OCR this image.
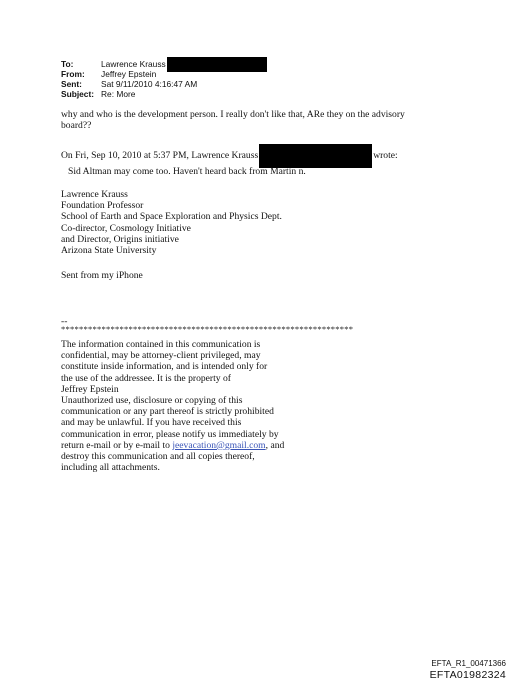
To:	Lawrence Krauss
From:	Jeffrey Epstein
Sent:	Sat 9/11/2010 4:16:47 AM
Subject: Re: More
why and who is the development person. I really don't like that, ARe they on the advisory
board??
On Fri, Sep 10, 2010 at 5:37 PM, Lawrence Krauss	wrote:
Sid Altman may come too. Haven't heard back from Martin n.
Lawrence Krauss
Foundation Professor
School of Earth and Space Exploration and Physics Dept.
Co-director, Cosmology Initiative
and Director, Origins initiative
Arizona State University
Sent from my iPhone
--
*****************************************************************
The information contained in this communication is
confidential, may be attorney-client privileged, may
constitute inside information, and is intended only for
the use of the addressee. It is the property of
Jeffrey Epstein
Unauthorized use, disclosure or copying of this
communication or any part thereof is strictly prohibited
and may be unlawful. If you have received this
communication in error, please notify us immediately by
return e-mail or by e-mail to jeevacation@gmail.com, and
destroy this communication and all copies thereof,
including all attachments.
EFTA_R1_00471366
EFTA01982324
